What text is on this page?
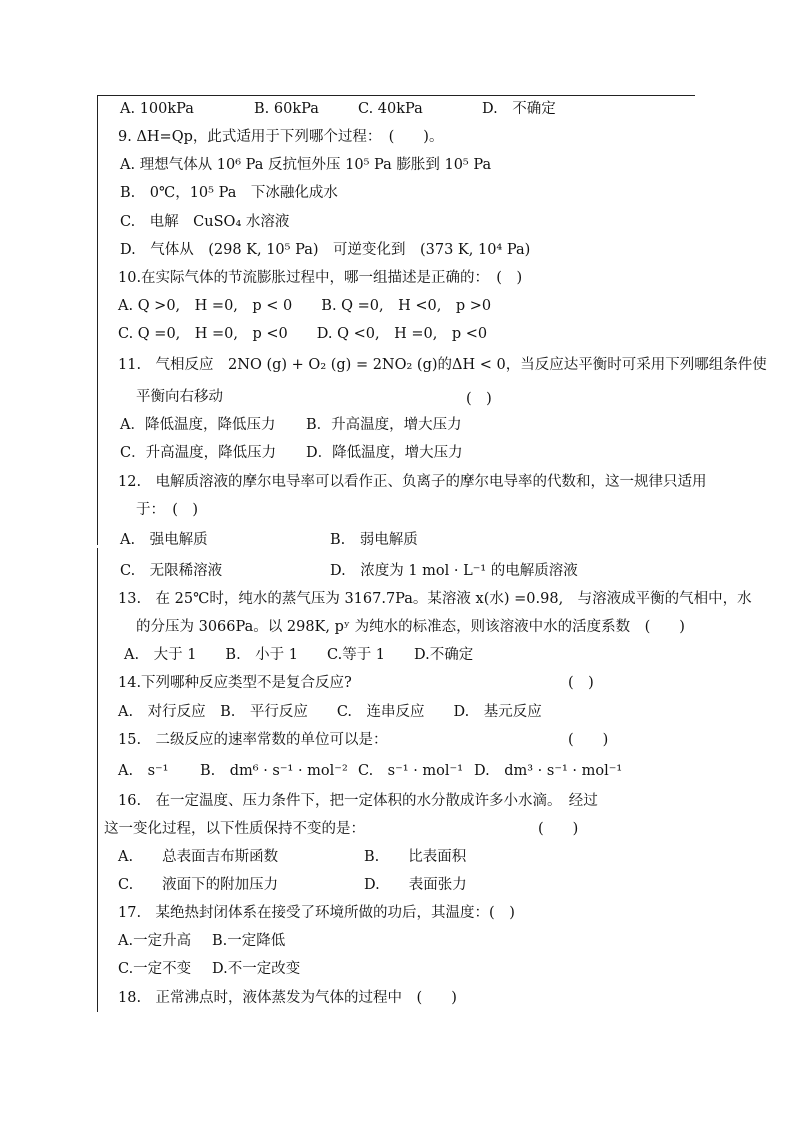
A. 100kPa	B. 60kPa	C. 40kPa	D.　不确定
9. ΔH=Qp，此式适用于下列哪个过程：　(　　)。
A. 理想气体从 10⁶ Pa 反抗恒外压 10⁵ Pa 膨胀到 10⁵ Pa
B.　0℃，10⁵ Pa　下冰融化成水
C.　电解　CuSO₄ 水溶液
D.　气体从　(298 K, 10⁵ Pa)　可逆变化到　(373 K, 10⁴ Pa)
10.在实际气体的节流膨胀过程中，哪一组描述是正确的：　(　)
A. Q >0,　H =0,　p < 0　　B. Q =0,　H <0,　p >0
C. Q =0,　H =0,　p <0　　D. Q <0,　H =0,　p <0
11.　气相反应　2NO (g) + O₂ (g) = 2NO₂ (g)的ΔH < 0，当反应达平衡时可采用下列哪组条件使
平衡向右移动	(　)
A．降低温度，降低压力 B．升高温度，增大压力
C．升高温度，降低压力 D．降低温度，增大压力
12.　电解质溶液的摩尔电导率可以看作正、负离子的摩尔电导率的代数和，这一规律只适用
于：　(　)
A.　强电解质	B.　弱电解质
C.　无限稀溶液	D.　浓度为 1 mol · L⁻¹ 的电解质溶液
13.　在 25℃时，纯水的蒸气压为 3167.7Pa。某溶液 x(水) =0.98,　与溶液成平衡的气相中，水
的分压为 3066Pa。以 298K, pʸ 为纯水的标准态，则该溶液中水的活度系数　(　　)
A.　大于 1　　B.　小于 1　　C.等于 1　　D.不确定
14.下列哪种反应类型不是复合反应?	(　)
A.　对行反应　B.　平行反应　　C.　连串反应　　D.　基元反应
15.　二级反应的速率常数的单位可以是：	(　　)
A.　s⁻¹ B.　dm⁶ · s⁻¹ · mol⁻² C.　s⁻¹ · mol⁻¹ D.　dm³ · s⁻¹ · mol⁻¹
16.　在一定温度、压力条件下，把一定体积的水分散成许多小水滴。　经过
这一变化过程，以下性质保持不变的是：	(　　)
A.　　总表面吉布斯函数	B.　　比表面积
C.　　液面下的附加压力	D.　　表面张力
17.　某绝热封闭体系在接受了环境所做的功后，其温度：(　)
A.一定升高 B.一定降低
C.一定不变 D.不一定改变
18.　正常沸点时，液体蒸发为气体的过程中　(　　)
